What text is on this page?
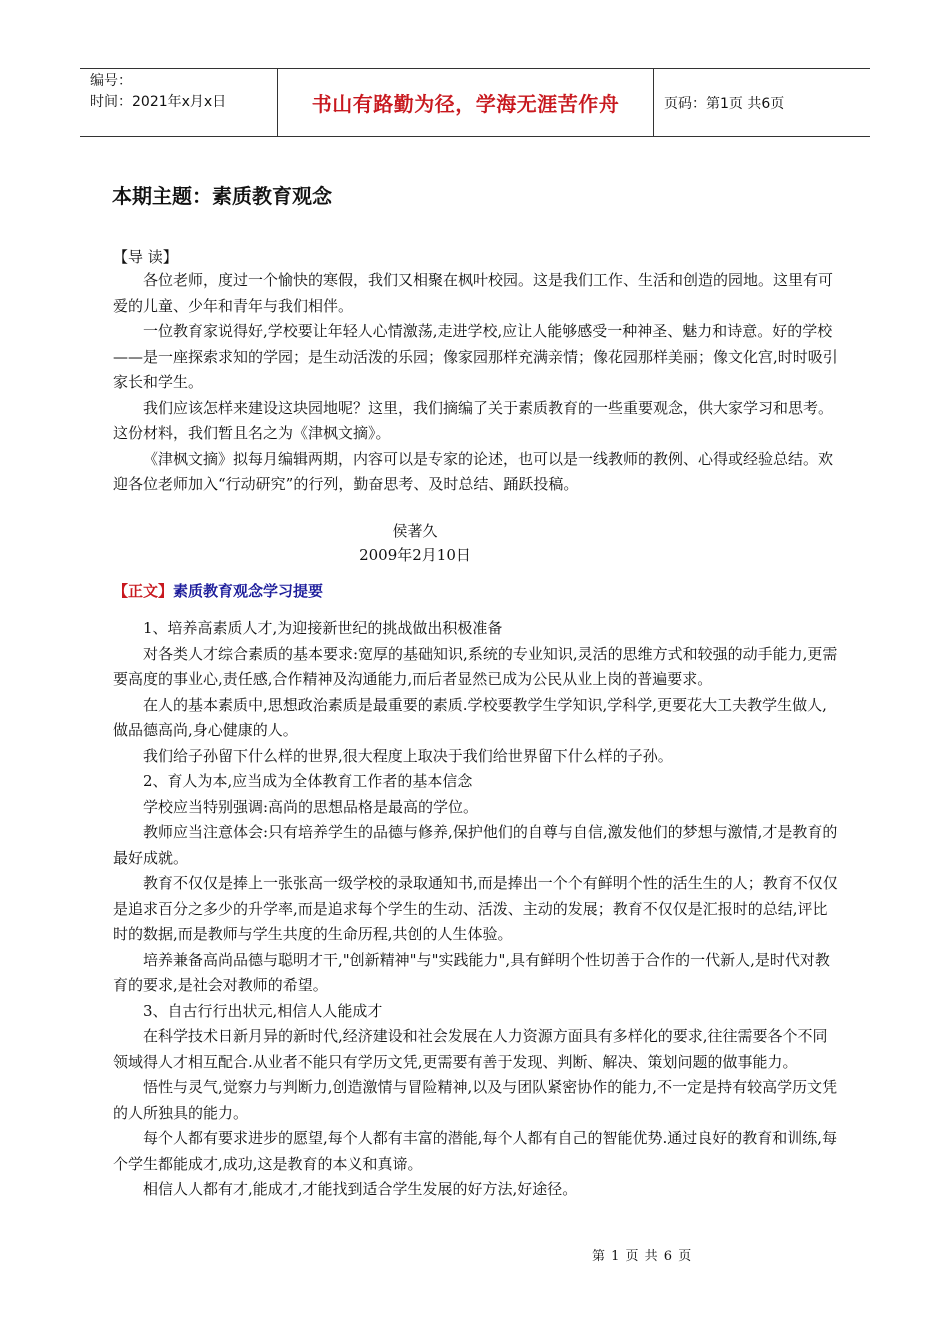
编号：
时间：2021年x月x日	书山有路勤为径，学海无涯苦作舟	页码：第1页 共6页
本期主题：素质教育观念
【导 读】

各位老师，度过一个愉快的寒假，我们又相聚在枫叶校园。这是我们工作、生活和创造的园地。这里有可爱的儿童、少年和青年与我们相伴。

一位教育家说得好,学校要让年轻人心情激荡,走进学校,应让人能够感受一种神圣、魅力和诗意。好的学校——是一座探索求知的学园；是生动活泼的乐园；像家园那样充满亲情；像花园那样美丽；像文化宫,时时吸引家长和学生。

我们应该怎样来建设这块园地呢？这里，我们摘编了关于素质教育的一些重要观念，供大家学习和思考。这份材料，我们暂且名之为《津枫文摘》。

《津枫文摘》拟每月编辑两期，内容可以是专家的论述，也可以是一线教师的教例、心得或经验总结。欢迎各位老师加入“行动研究”的行列，勤奋思考、及时总结、踊跃投稿。

侯著久
2009年2月10日
【正文】素质教育观念学习提要

1、培养高素质人才,为迎接新世纪的挑战做出积极准备

对各类人才综合素质的基本要求:宽厚的基础知识,系统的专业知识,灵活的思维方式和较强的动手能力,更需要高度的事业心,责任感,合作精神及沟通能力,而后者显然已成为公民从业上岗的普遍要求。

在人的基本素质中,思想政治素质是最重要的素质.学校要教学生学知识,学科学,更要花大工夫教学生做人,做品德高尚,身心健康的人。

我们给子孙留下什么样的世界,很大程度上取决于我们给世界留下什么样的子孙。

2、育人为本,应当成为全体教育工作者的基本信念

学校应当特别强调:高尚的思想品格是最高的学位。

教师应当注意体会:只有培养学生的品德与修养,保护他们的自尊与自信,激发他们的梦想与激情,才是教育的最好成就。

教育不仅仅是捧上一张张高一级学校的录取通知书,而是捧出一个个有鲜明个性的活生生的人；教育不仅仅是追求百分之多少的升学率,而是追求每个学生的生动、活泼、主动的发展；教育不仅仅是汇报时的总结,评比时的数据,而是教师与学生共度的生命历程,共创的人生体验。

培养兼备高尚品德与聪明才干,"创新精神"与"实践能力",具有鲜明个性切善于合作的一代新人,是时代对教育的要求,是社会对教师的希望。

3、自古行行出状元,相信人人能成才

在科学技术日新月异的新时代,经济建设和社会发展在人力资源方面具有多样化的要求,往往需要各个不同领域得人才相互配合.从业者不能只有学历文凭,更需要有善于发现、判断、解决、策划问题的做事能力。

悟性与灵气,觉察力与判断力,创造激情与冒险精神,以及与团队紧密协作的能力,不一定是持有较高学历文凭的人所独具的能力。

每个人都有要求进步的愿望,每个人都有丰富的潜能,每个人都有自己的智能优势.通过良好的教育和训练,每个学生都能成才,成功,这是教育的本义和真谛。

相信人人都有才,能成才,才能找到适合学生发展的好方法,好途径。

第 1 页 共 6 页
